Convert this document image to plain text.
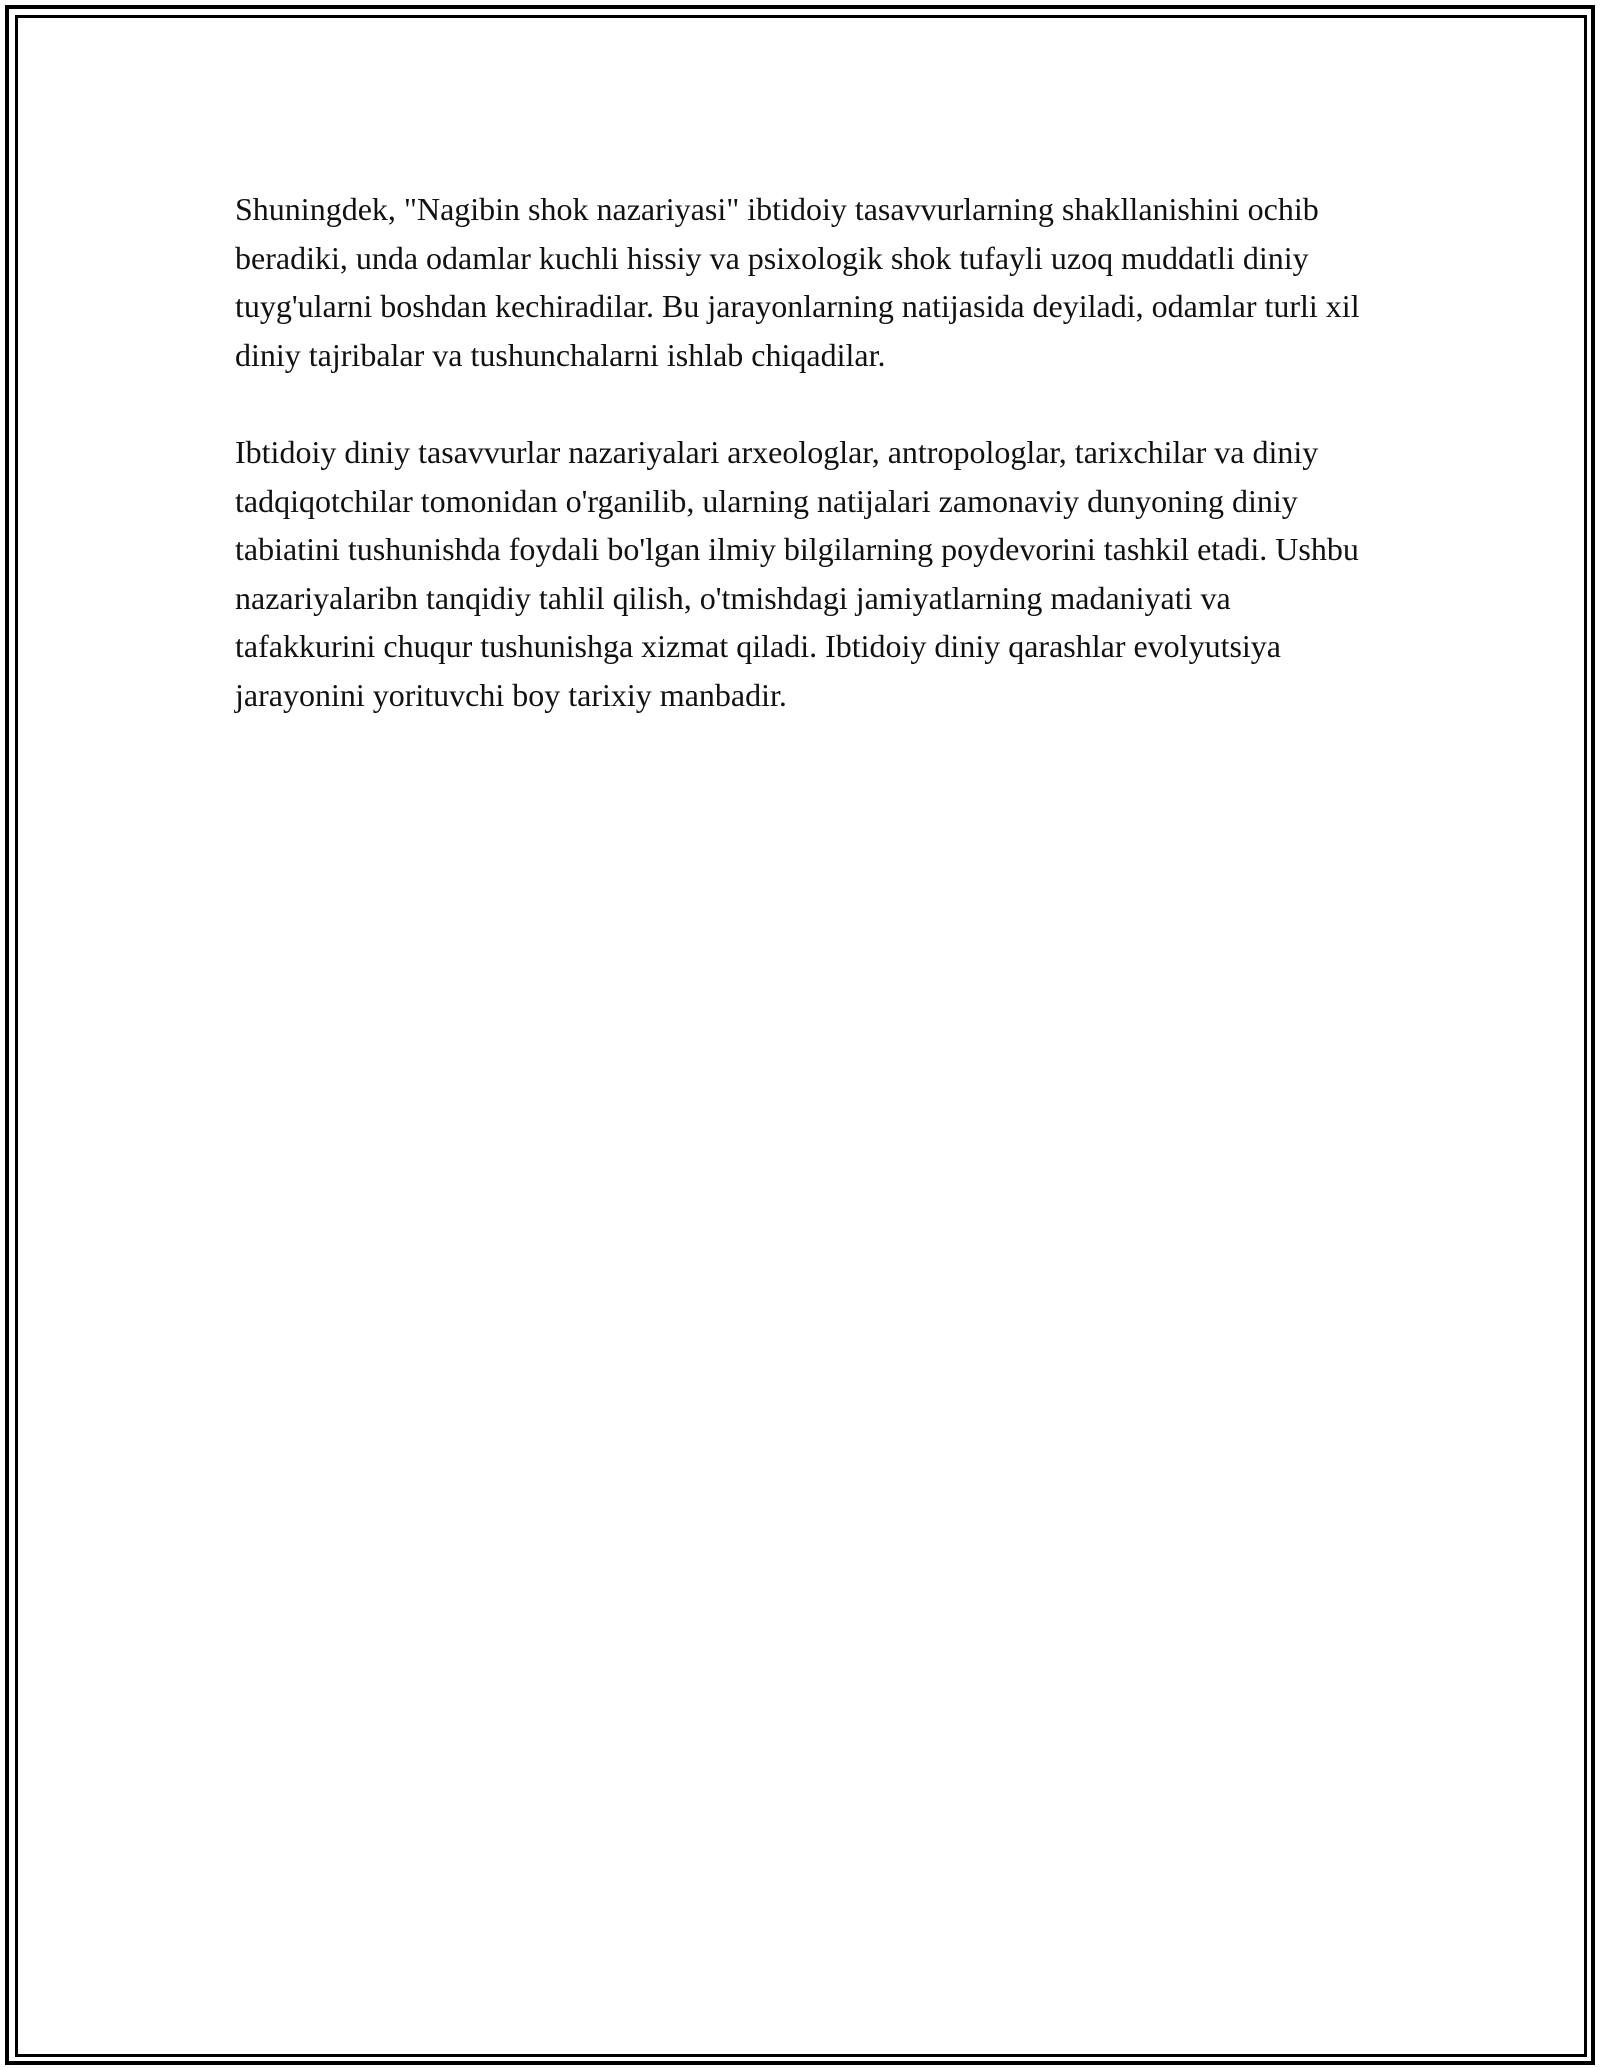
Shuningdek, "Nagibin shok nazariyasi" ibtidoiy tasavvurlarning shakllanishini ochib beradiki, unda odamlar kuchli hissiy va psixologik shok tufayli uzoq muddatli diniy tuyg'ularni boshdan kechiradilar. Bu jarayonlarning natijasida deyiladi, odamlar turli xil diniy tajribalar va tushunchalarni ishlab chiqadilar.

Ibtidoiy diniy tasavvurlar nazariyalari arxeologlar, antropologlar, tarixchilar va diniy tadqiqotchilar tomonidan o'rganilib, ularning natijalari zamonaviy dunyoning diniy tabiatini tushunishda foydali bo'lgan ilmiy bilgilarning poydevorini tashkil etadi. Ushbu nazariyalaribn tanqidiy tahlil qilish, o'tmishdagi jamiyatlarning madaniyati va tafakkurini chuqur tushunishga xizmat qiladi. Ibtidoiy diniy qarashlar evolyutsiya jarayonini yorituvchi boy tarixiy manbadir.
